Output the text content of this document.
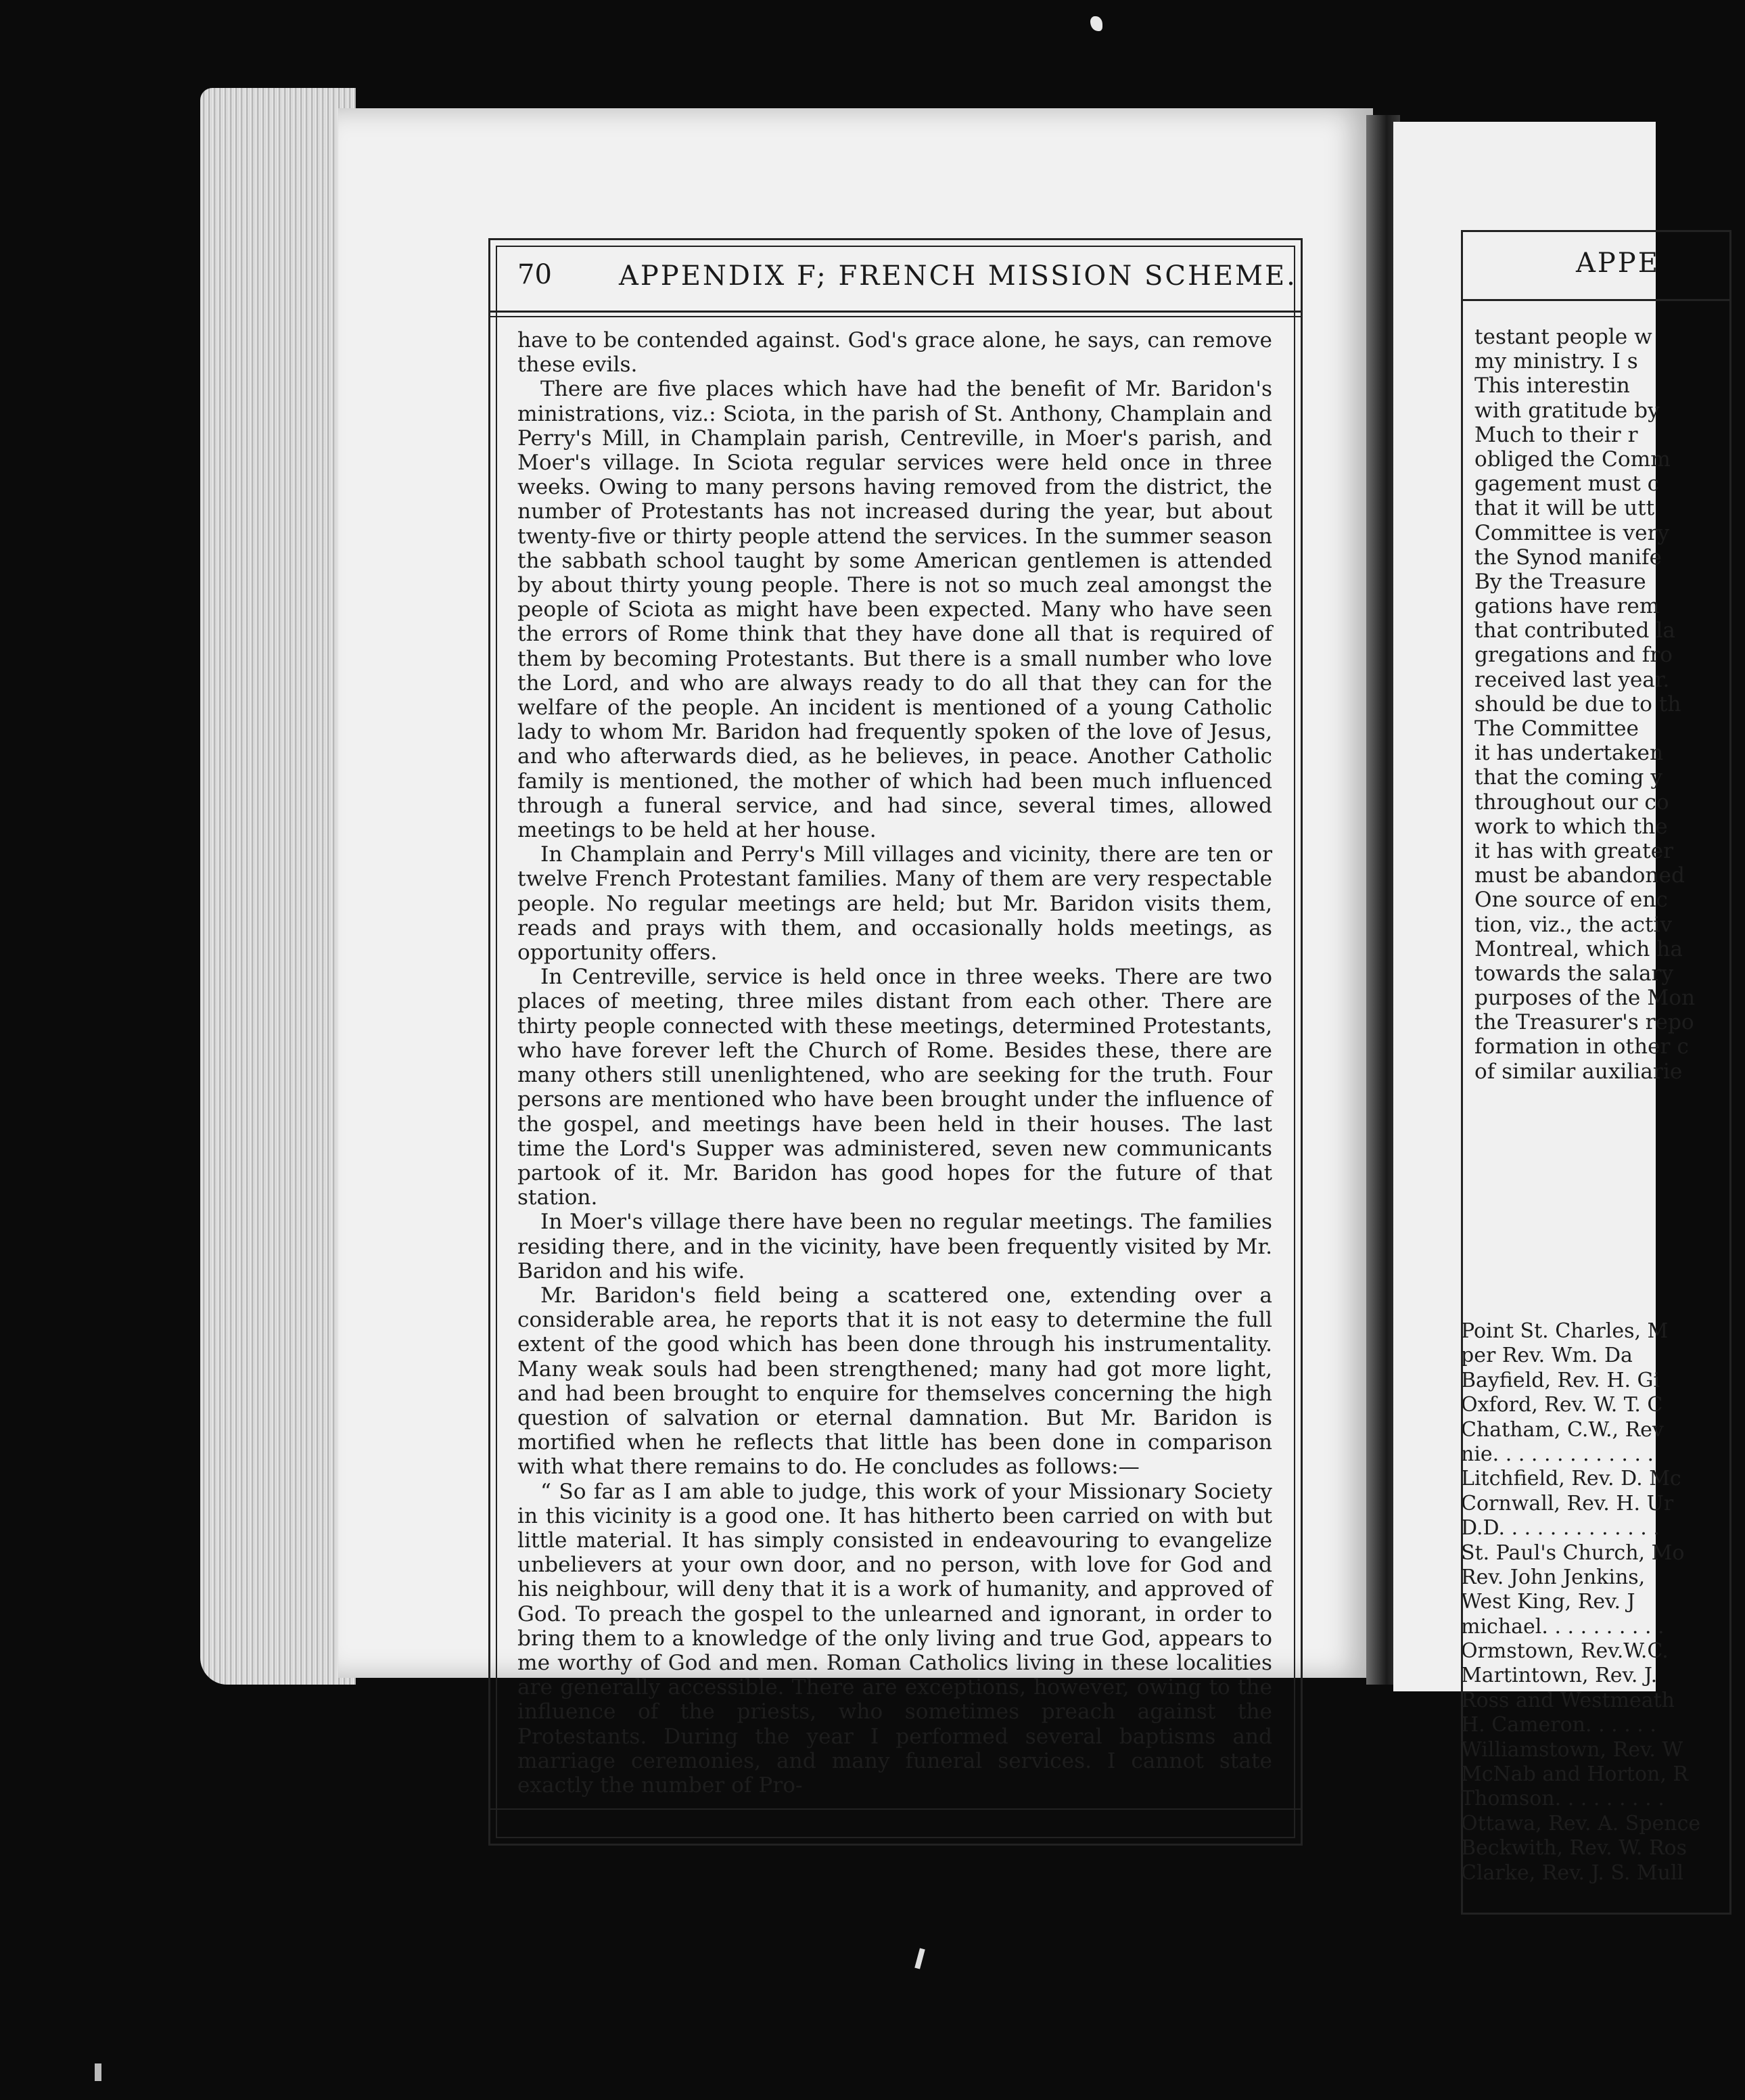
APPE
testant people w
my ministry. I s
This interestin
with gratitude by
Much to their r
obliged the Comm
gagement must c
that it will be utt
Committee is very
the Synod manife
By the Treasure
gations have rem
that contributed la
gregations and fro
received last year.
should be due to th
The Committee
it has undertaken
that the coming y
throughout our co
work to which the
it has with greater
must be abandoned
One source of enc
tion, viz., the activ
Montreal, which ha
towards the salary
purposes of the Mon
the Treasurer's repo
formation in other c
of similar auxiliarie
Point St. Charles, M
per Rev. Wm. Da
Bayfield, Rev. H. Gi
Oxford, Rev. W. T. C
Chatham, C.W., Rev
nie. . . . . . . . . . . . .
Litchfield, Rev. D. Mc
Cornwall, Rev. H. Ur
D.D. . . . . . . . . . . . .
St. Paul's Church, Mo
Rev. John Jenkins,
West King, Rev. J
michael. . . . . . . . . .
Ormstown, Rev.W.C.
Martintown, Rev. J.
Ross and Westmeath
H. Cameron. . . . . .
Williamstown, Rev. W
McNab and Horton, R
Thomson. . . . . . . . .
Ottawa, Rev. A. Spence
Beckwith, Rev. W. Ros
Clarke, Rev. J. S. Mull
70 APPENDIX F; FRENCH MISSION SCHEME.

have to be contended against. God's grace alone, he says, can remove these evils.

There are five places which have had the benefit of Mr. Baridon's ministrations, viz.: Sciota, in the parish of St. Anthony, Champlain and Perry's Mill, in Champlain parish, Centreville, in Moer's parish, and Moer's village. In Sciota regular services were held once in three weeks. Owing to many persons having removed from the district, the number of Protestants has not increased during the year, but about twenty-five or thirty people attend the services. In the summer season the sabbath school taught by some American gentlemen is attended by about thirty young people. There is not so much zeal amongst the people of Sciota as might have been expected. Many who have seen the errors of Rome think that they have done all that is required of them by becoming Protestants. But there is a small number who love the Lord, and who are always ready to do all that they can for the welfare of the people. An incident is mentioned of a young Catholic lady to whom Mr. Baridon had frequently spoken of the love of Jesus, and who afterwards died, as he believes, in peace. Another Catholic family is mentioned, the mother of which had been much influenced through a funeral service, and had since, several times, allowed meetings to be held at her house.

In Champlain and Perry's Mill villages and vicinity, there are ten or twelve French Protestant families. Many of them are very respectable people. No regular meetings are held; but Mr. Baridon visits them, reads and prays with them, and occasionally holds meetings, as opportunity offers.

In Centreville, service is held once in three weeks. There are two places of meeting, three miles distant from each other. There are thirty people connected with these meetings, determined Protestants, who have forever left the Church of Rome. Besides these, there are many others still unenlightened, who are seeking for the truth. Four persons are mentioned who have been brought under the influence of the gospel, and meetings have been held in their houses. The last time the Lord's Supper was administered, seven new communicants partook of it. Mr. Baridon has good hopes for the future of that station.

In Moer's village there have been no regular meetings. The families residing there, and in the vicinity, have been frequently visited by Mr. Baridon and his wife.

Mr. Baridon's field being a scattered one, extending over a considerable area, he reports that it is not easy to determine the full extent of the good which has been done through his instrumentality. Many weak souls had been strengthened; many had got more light, and had been brought to enquire for themselves concerning the high question of salvation or eternal damnation. But Mr. Baridon is mortified when he reflects that little has been done in comparison with what there remains to do. He concludes as follows:—

“ So far as I am able to judge, this work of your Missionary Society in this vicinity is a good one. It has hitherto been carried on with but little material. It has simply consisted in endeavouring to evangelize unbelievers at your own door, and no person, with love for God and his neighbour, will deny that it is a work of humanity, and approved of God. To preach the gospel to the unlearned and ignorant, in order to bring them to a knowledge of the only living and true God, appears to me worthy of God and men. Roman Catholics living in these localities are generally accessible. There are exceptions, however, owing to the influence of the priests, who sometimes preach against the Protestants. During the year I performed several baptisms and marriage ceremonies, and many funeral services. I cannot state exactly the number of Pro-
